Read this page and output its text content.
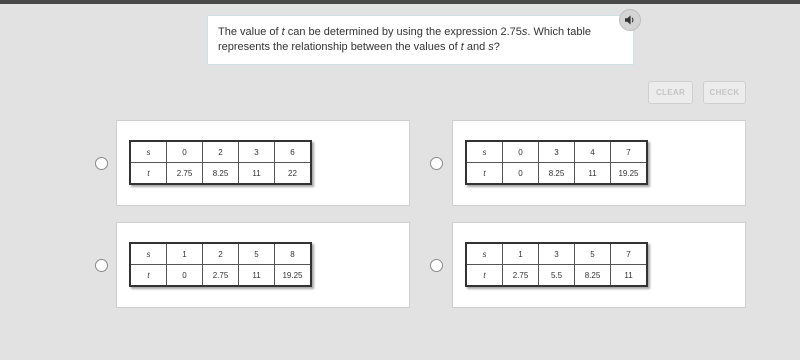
The value of t can be determined by using the expression 2.75s. Which table represents the relationship between the values of t and s?
CLEAR	CHECK
s	0	2	3	6
t	2.75	8.25	11	22
s	0	3	4	7
t	0	8.25	11	19.25
s	1	2	5	8
t	0	2.75	11	19.25
s	1	3	5	7
t	2.75	5.5	8.25	11
